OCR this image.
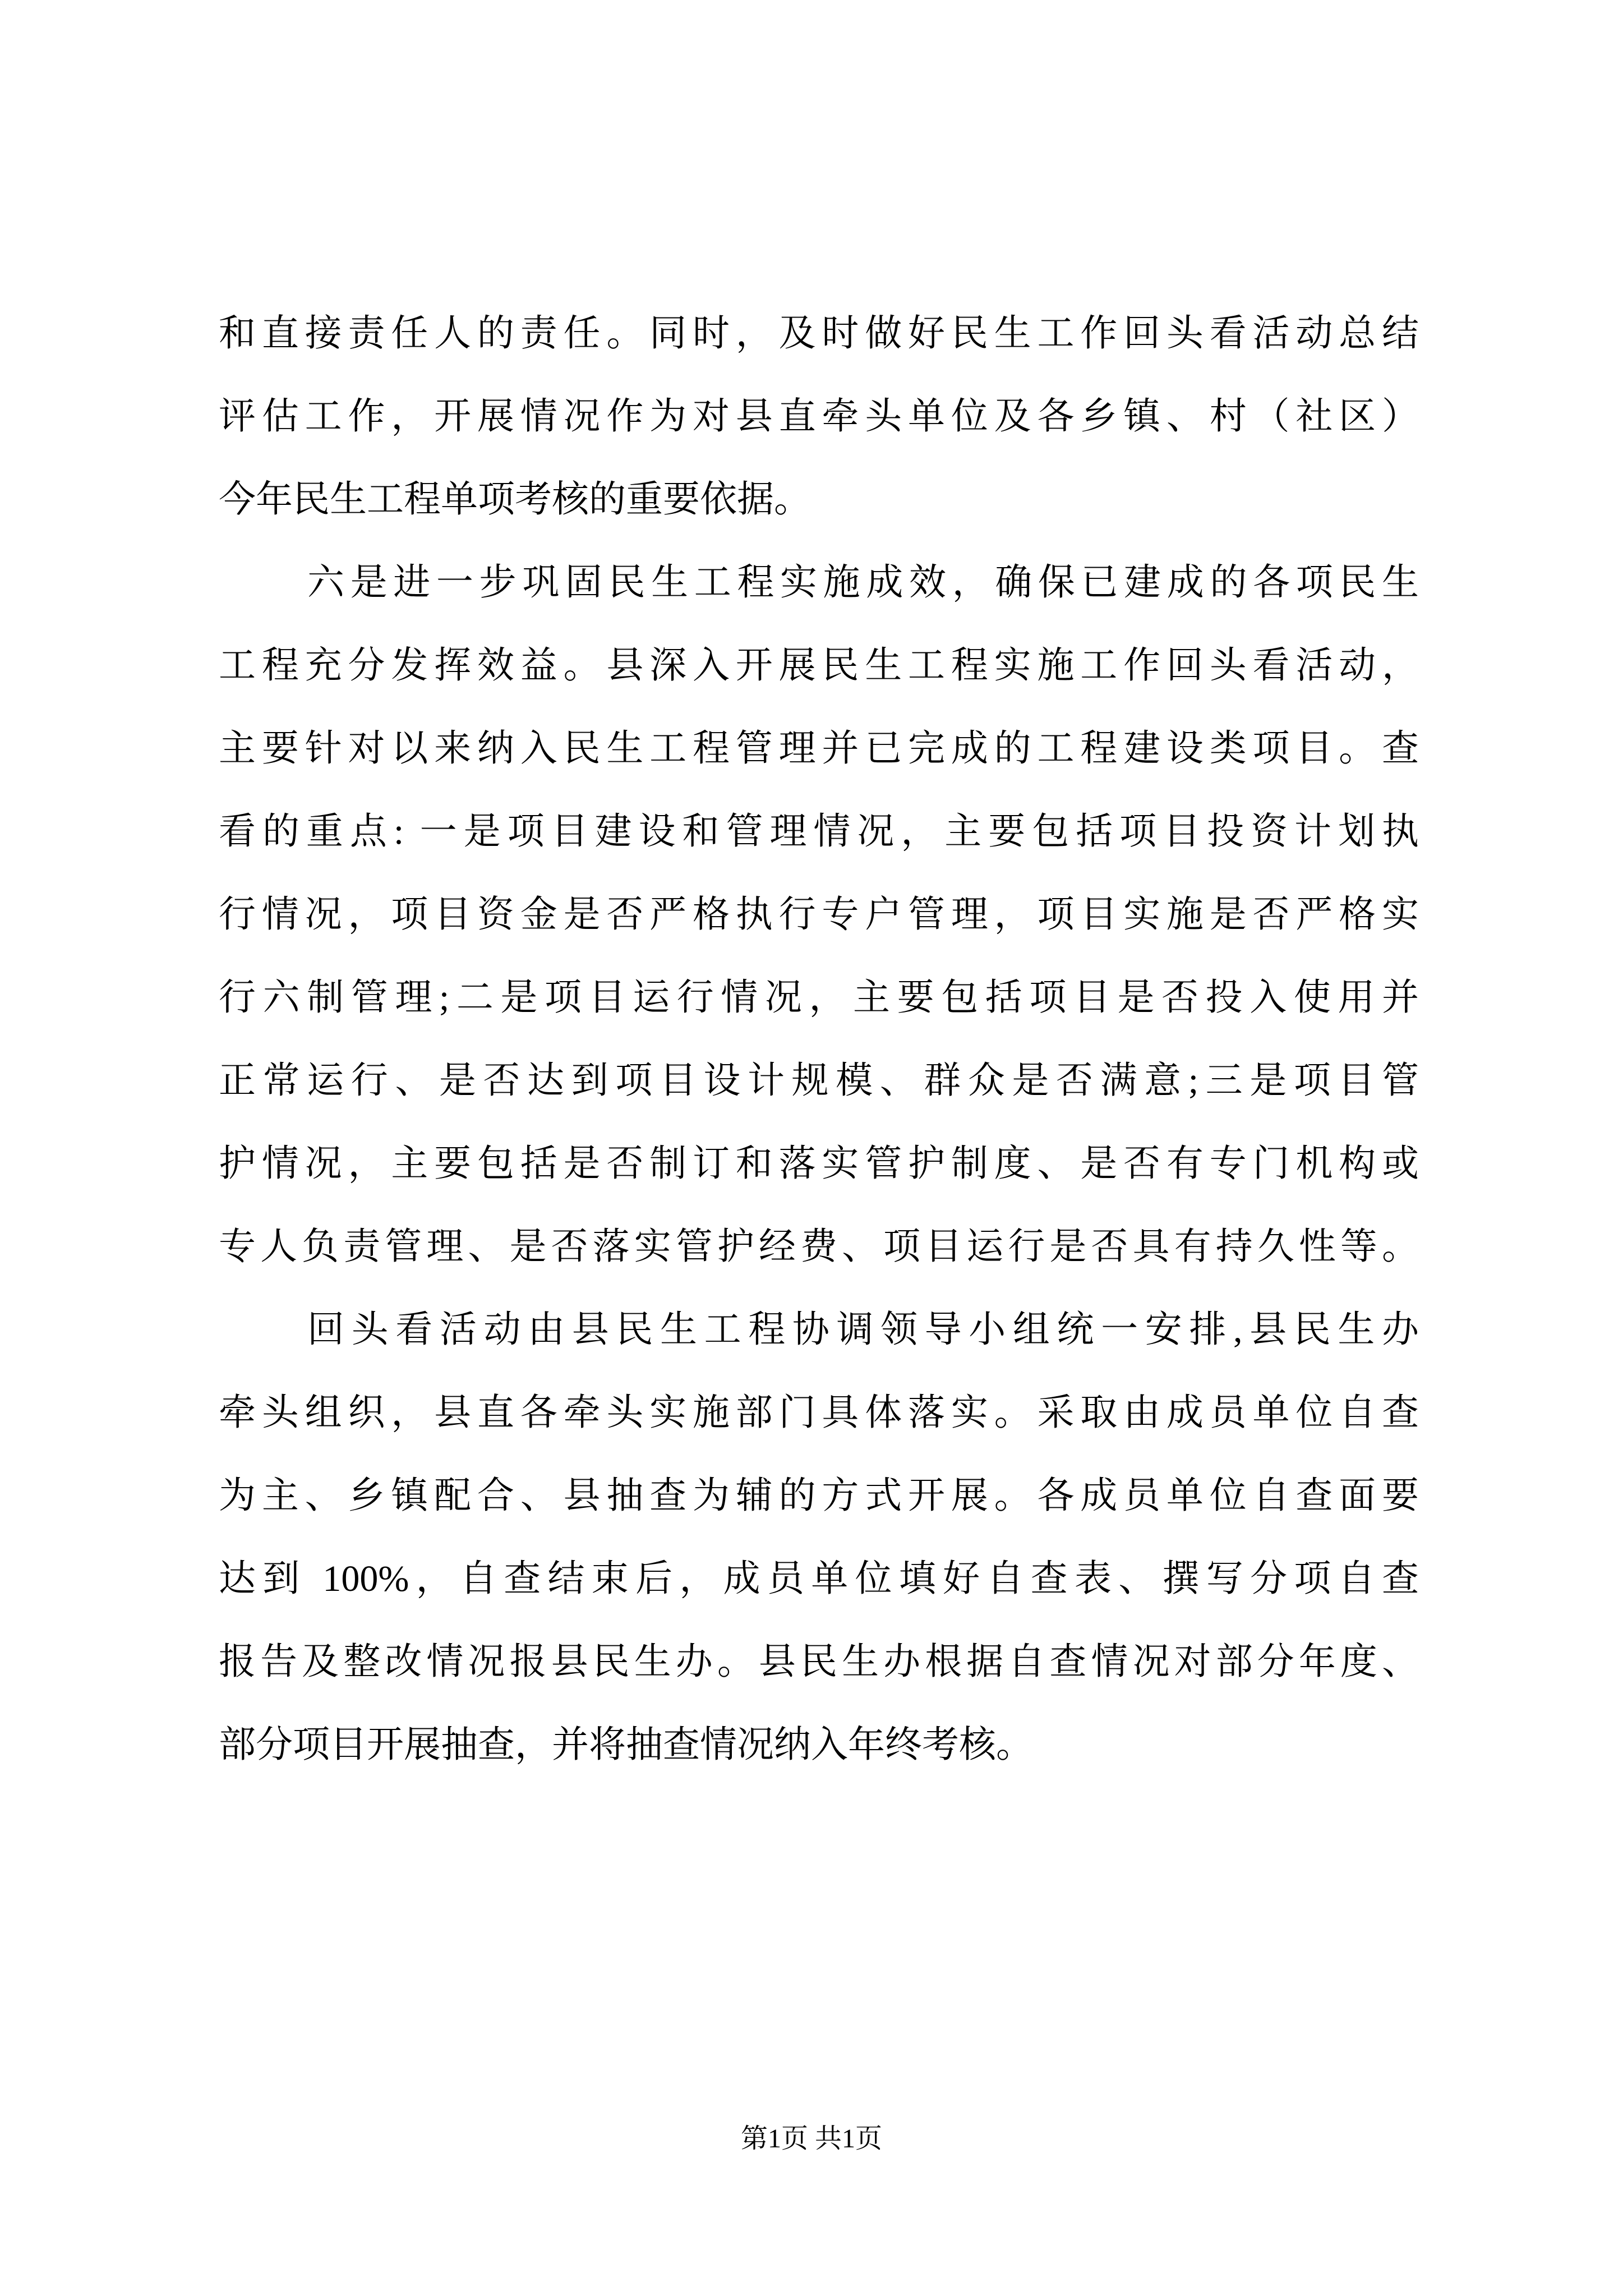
和直接责任人的责任。同时，及时做好民生工作回头看活动总结
评估工作，开展情况作为对县直牵头单位及各乡镇、村（社区）
今年民生工程单项考核的重要依据。
六是进一步巩固民生工程实施成效，确保已建成的各项民生
工程充分发挥效益。县深入开展民生工程实施工作回头看活动，
主要针对以来纳入民生工程管理并已完成的工程建设类项目。查
看的重点: 一是项目建设和管理情况，主要包括项目投资计划执
行情况，项目资金是否严格执行专户管理，项目实施是否严格实
行六制管理;二是项目运行情况，主要包括项目是否投入使用并
正常运行、是否达到项目设计规模、群众是否满意;三是项目管
护情况，主要包括是否制订和落实管护制度、是否有专门机构或
专人负责管理、是否落实管护经费、项目运行是否具有持久性等。
回头看活动由县民生工程协调领导小组统一安排,县民生办
牵头组织，县直各牵头实施部门具体落实。采取由成员单位自查
为主、乡镇配合、县抽查为辅的方式开展。各成员单位自查面要
达到 100%，自查结束后，成员单位填好自查表、撰写分项自查
报告及整改情况报县民生办。县民生办根据自查情况对部分年度、
部分项目开展抽查，并将抽查情况纳入年终考核。
第1页 共1页
